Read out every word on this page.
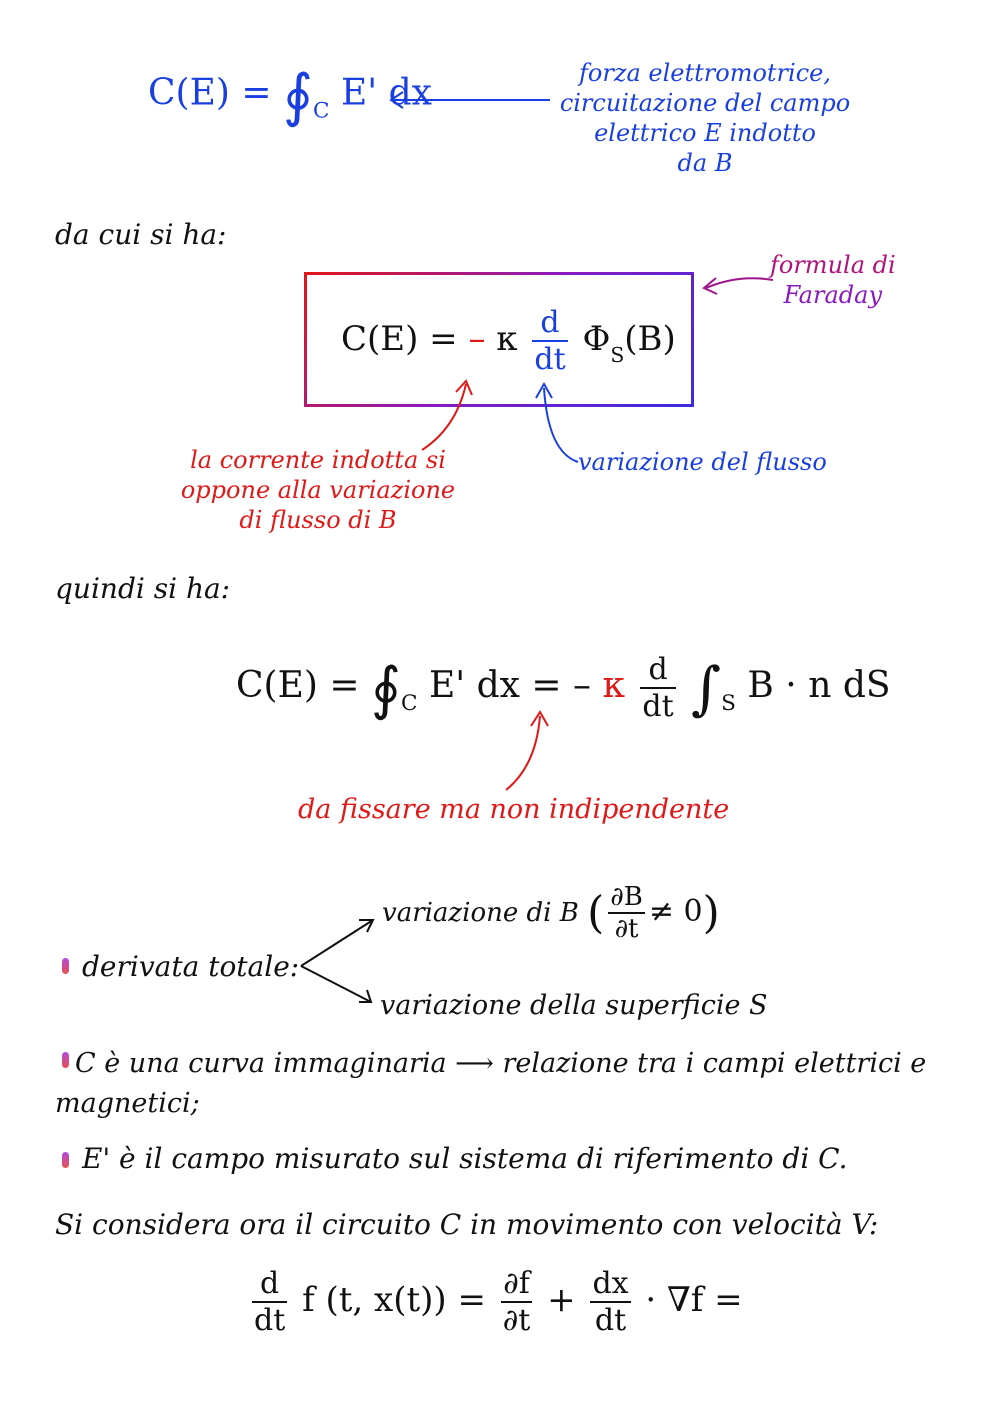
$C(E) = ∮_C$ E' dx	forza elettromotrice,
circuitazione del campo
elettrico E indotto
da B
da cui si ha:
C(E) = – κ $\frac{d}{dt} \Phi_S(B)$
formula di
Faraday
la corrente indotta si
oppone alla variazione
di flusso di B
variazione del flusso
quindi si ha:
$C(E) = ∮_C$ E' dx = – κ $\frac{d}{dt} \int_S$ B · n dS
da fissare ma non indipendente
derivata totale:
variazione di B ( $\frac{\partial B}{\partial t} \ne 0$)
variazione della superficie S
C è una curva immaginaria ⟶ relazione tra i campi elettrici e magnetici;
E' è il campo misurato sul sistema di riferimento di C.
Si considera ora il circuito C in movimento con velocità V:
$\frac{d}{dt}$ f (t, $x(t)) = \frac{\partial f}{\partial t} + \frac{dx}{dt} \cdot \nabla f$ =
